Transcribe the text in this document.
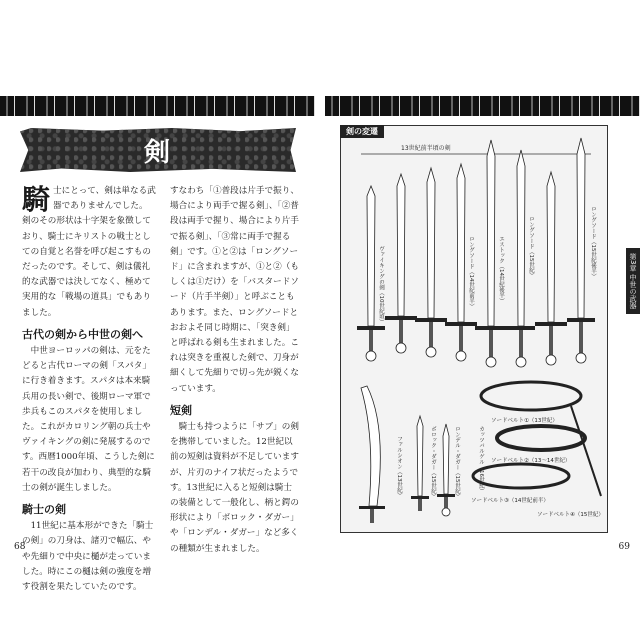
剣

騎 士にとって、剣は単なる武器でありませんでした。剣のその形状は十字架を象徴しており、騎士にキリストの戦士としての自覚と名誉を呼び起こすものだったのです。そして、剣は儀礼的な武器では決してなく、極めて実用的な「戦場の道具」でもありました。

古代の剣から中世の剣へ

中世ヨーロッパの剣は、元をたどると古代ローマの剣「スパタ」に行き着きます。スパタは本来騎兵用の長い剣で、後期ローマ軍で歩兵もこのスパタを使用しました。これがカロリング朝の兵士やヴァイキングの剣に発展するのです。西暦1000年頃、こうした剣に若干の改良が加わり、典型的な騎士の剣が誕生しました。

騎士の剣

11世紀に基本形ができた「騎士の剣」の刀身は、諸刃で幅広、やや先細りで中央に樋が走っていました。時にこの樋は剣の強度を増す役割を果たしていたのです。

すなわち「①普段は片手で振り、場合により両手で握る剣」、「②普段は両手で握り、場合により片手で振る剣」、「③常に両手で握る剣」です。①と②は「ロングソード」に含まれますが、①と②（もしくは①だけ）を「バスタードソード（片手半剣）」と呼ぶこともあります。また、ロングソードとおおよそ同じ時期に、「突き剣」と呼ばれる剣も生まれました。これは突きを重視した剣で、刀身が細くして先細りで切っ先が鋭くなっています。

短剣

騎士も持つように「サブ」の剣を携帯していました。12世紀以前の短剣は資料が不足していますが、片刃のナイフ状だったようです。13世紀に入ると短剣は騎士の装備として一般化し、柄と鍔の形状により「ボロック・ダガー」や「ロンデル・ダガー」など多くの種類が生まれました。

68
13世紀前半頃の剣
ヴァイキングの剣（10世紀頃）	ロングソード（14世紀前半）	エストック（14世紀後半）	ロングソード（15世紀）	ロングソード（15世紀後半）
ファルシオン（13世紀）	ボロック・ダガー（15世紀）	ロンデル・ダガー（15世紀）	カッツバルゲル（16世紀）
ソードベルト①（13世紀）
ソードベルト②（13〜14世紀）
ソードベルト③（14世紀前半）
ソードベルト④（15世紀）
剣の変遷
第3章 中世の武器
69
